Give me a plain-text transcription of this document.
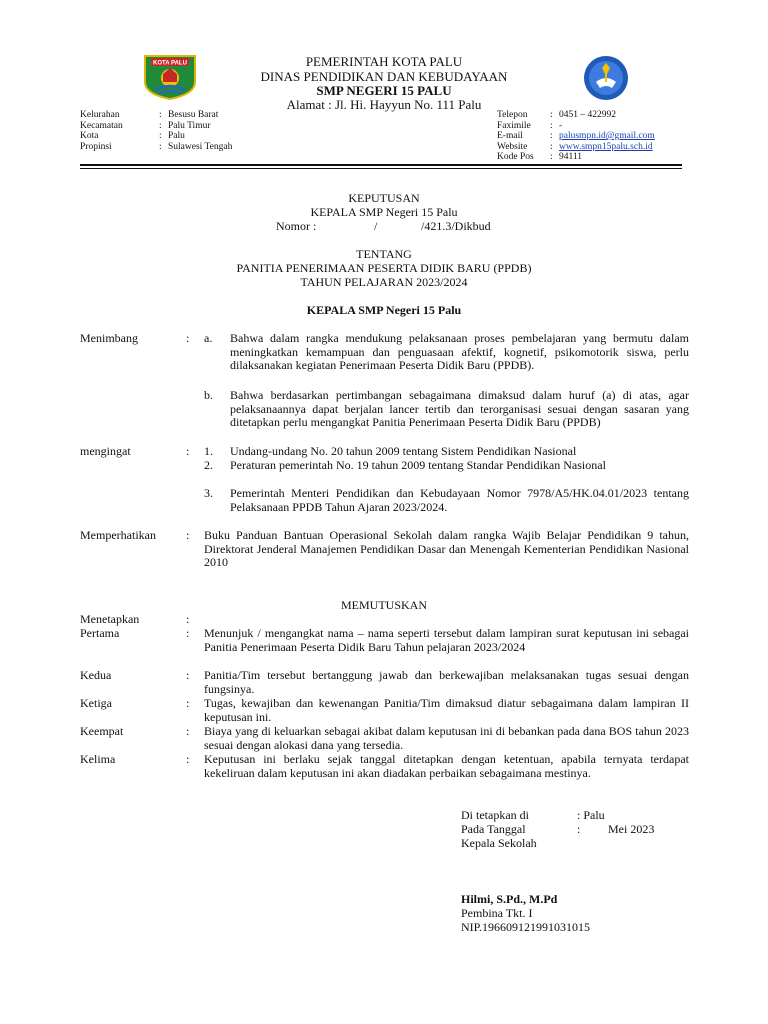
KOTA PALU	PEMERINTAH KOTA PALU
DINAS PENDIDIKAN DAN KEBUDAYAAN
SMP NEGERI 15 PALU
Alamat : Jl. Hi. Hayyun No. 111 Palu
Kelurahan	: Besusu Barat
Kecamatan	: Palu Timur
Kota	: Palu
Propinsi	: Sulawesi Tengah
Telepon : 0451 – 422992
Faximile : -
E-mail	: palusmpn.id@gmail.com
Website : www.smpn15palu.sch.id
Kode Pos : 94111
KEPUTUSAN
KEPALA SMP Negeri 15 Palu
Nomor :	/	/421.3/Dikbud
TENTANG
PANITIA PENERIMAAN PESERTA DIDIK BARU (PPDB)
TAHUN PELAJARAN 2023/2024
KEPALA SMP Negeri 15 Palu
Menimbang	: a. Bahwa dalam rangka mendukung pelaksanaan proses pembelajaran yang bermutu dalam meningkatkan kemampuan dan penguasaan afektif, kognetif, psikomotorik siswa, perlu dilaksanakan kegiatan Penerimaan Peserta Didik Baru (PPDB).
b. Bahwa berdasarkan pertimbangan sebagaimana dimaksud dalam huruf (a) di atas, agar pelaksanaannya dapat berjalan lancer tertib dan terorganisasi sesuai dengan sasaran yang ditetapkan perlu mengangkat Panitia Penerimaan Peserta Didik Baru (PPDB)
mengingat	: 1. Undang-undang No. 20 tahun 2009 tentang Sistem Pendidikan Nasional
2. Peraturan pemerintah No. 19 tahun 2009 tentang Standar Pendidikan Nasional
3. Pemerintah Menteri Pendidikan dan Kebudayaan Nomor 7978/A5/HK.04.01/2023 tentang Pelaksanaan PPDB Tahun Ajaran 2023/2024.
Memperhatikan	: Buku Panduan Bantuan Operasional Sekolah dalam rangka Wajib Belajar Pendidikan 9 tahun, Direktorat Jenderal Manajemen Pendidikan Dasar dan Menengah Kementerian Pendidikan Nasional 2010
MEMUTUSKAN
Menetapkan	:
Pertama	: Menunjuk / mengangkat nama – nama seperti tersebut dalam lampiran surat keputusan ini sebagai Panitia Penerimaan Peserta Didik Baru Tahun pelajaran 2023/2024
Kedua	: Panitia/Tim tersebut bertanggung jawab dan berkewajiban melaksanakan tugas sesuai dengan fungsinya.
Ketiga	: Tugas, kewajiban dan kewenangan Panitia/Tim dimaksud diatur sebagaimana dalam lampiran II keputusan ini.
Keempat	: Biaya yang di keluarkan sebagai akibat dalam keputusan ini di bebankan pada dana BOS tahun 2023 sesuai dengan alokasi dana yang tersedia.
Kelima	: Keputusan ini berlaku sejak tanggal ditetapkan dengan ketentuan, apabila ternyata terdapat kekeliruan dalam keputusan ini akan diadakan perbaikan sebagaimana mestinya.
Di tetapkan di	: Palu
Pada Tanggal	: Mei 2023
Kepala Sekolah
Hilmi, S.Pd., M.Pd
Pembina Tkt. I
NIP.196609121991031015
